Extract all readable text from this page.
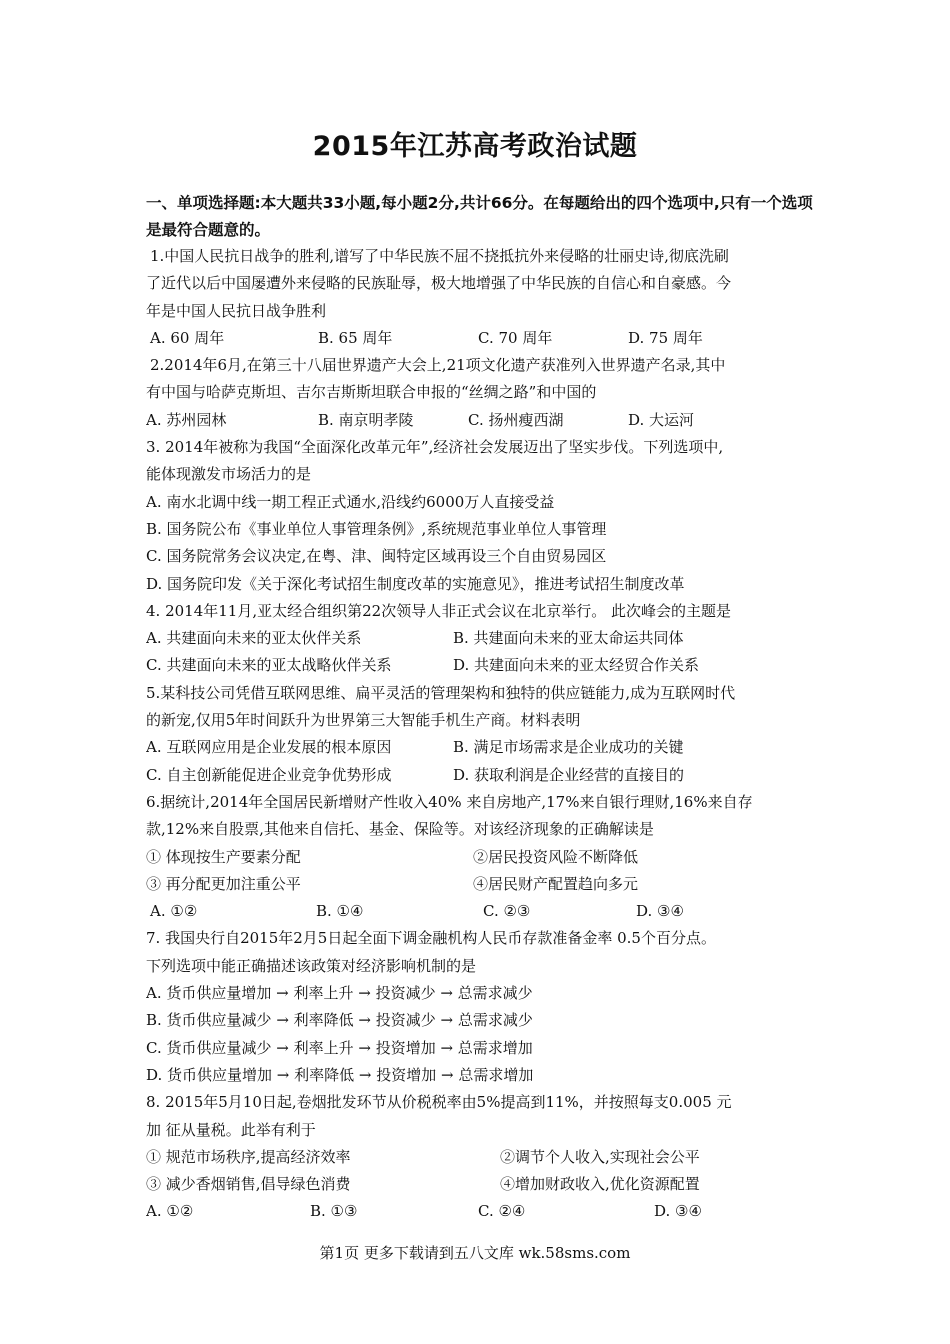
2015年江苏高考政治试题
一、单项选择题:本大题共33小题,每小题2分,共计66分。在每题给出的四个选项中,只有一个选项是最符合题意的。
1.中国人民抗日战争的胜利,谱写了中华民族不屈不挠抵抗外来侵略的壮丽史诗,彻底洗刷
了近代以后中国屡遭外来侵略的民族耻辱，极大地增强了中华民族的自信心和自豪感。今
年是中国人民抗日战争胜利
A. 60 周年	B. 65 周年	C. 70 周年	D. 75 周年
2.2014年6月,在第三十八届世界遗产大会上,21项文化遗产获准列入世界遗产名录,其中
有中国与哈萨克斯坦、吉尔吉斯斯坦联合申报的“丝绸之路”和中国的
A. 苏州园林	B. 南京明孝陵	C. 扬州瘦西湖	D. 大运河
3. 2014年被称为我国“全面深化改革元年”,经济社会发展迈出了坚实步伐。下列选项中,
能体现激发市场活力的是
A. 南水北调中线一期工程正式通水,沿线约6000万人直接受益
B. 国务院公布《事业单位人事管理条例》,系统规范事业单位人事管理
C. 国务院常务会议决定,在粤、津、闽特定区域再设三个自由贸易园区
D. 国务院印发《关于深化考试招生制度改革的实施意见》，推进考试招生制度改革
4. 2014年11月,亚太经合组织第22次领导人非正式会议在北京举行。 此次峰会的主题是
A. 共建面向未来的亚太伙伴关系	B. 共建面向未来的亚太命运共同体
C. 共建面向未来的亚太战略伙伴关系	D. 共建面向未来的亚太经贸合作关系
5.某科技公司凭借互联网思维、扁平灵活的管理架构和独特的供应链能力,成为互联网时代
的新宠,仅用5年时间跃升为世界第三大智能手机生产商。材料表明
A. 互联网应用是企业发展的根本原因	B. 满足市场需求是企业成功的关键
C. 自主创新能促进企业竞争优势形成	D. 获取利润是企业经营的直接目的
6.据统计,2014年全国居民新增财产性收入40% 来自房地产,17%来自银行理财,16%来自存
款,12%来自股票,其他来自信托、基金、保险等。对该经济现象的正确解读是
① 体现按生产要素分配	②居民投资风险不断降低
③ 再分配更加注重公平	④居民财产配置趋向多元
A. ①②	B. ①④	C. ②③	D. ③④
7. 我国央行自2015年2月5日起全面下调金融机构人民币存款准备金率 0.5个百分点。
下列选项中能正确描述该政策对经济影响机制的是
A. 货币供应量增加 → 利率上升 → 投资减少 → 总需求减少
B. 货币供应量减少 → 利率降低 → 投资减少 → 总需求减少
C. 货币供应量减少 → 利率上升 → 投资增加 → 总需求增加
D. 货币供应量增加 → 利率降低 → 投资增加 → 总需求增加
8. 2015年5月10日起,卷烟批发环节从价税税率由5%提高到11%，并按照每支0.005 元
加 征从量税。此举有利于
① 规范市场秩序,提高经济效率	②调节个人收入,实现社会公平
③ 减少香烟销售,倡导绿色消费	④增加财政收入,优化资源配置
A. ①②	B. ①③	C. ②④	D. ③④
第1页 更多下载请到五八文库 wk.58sms.com
